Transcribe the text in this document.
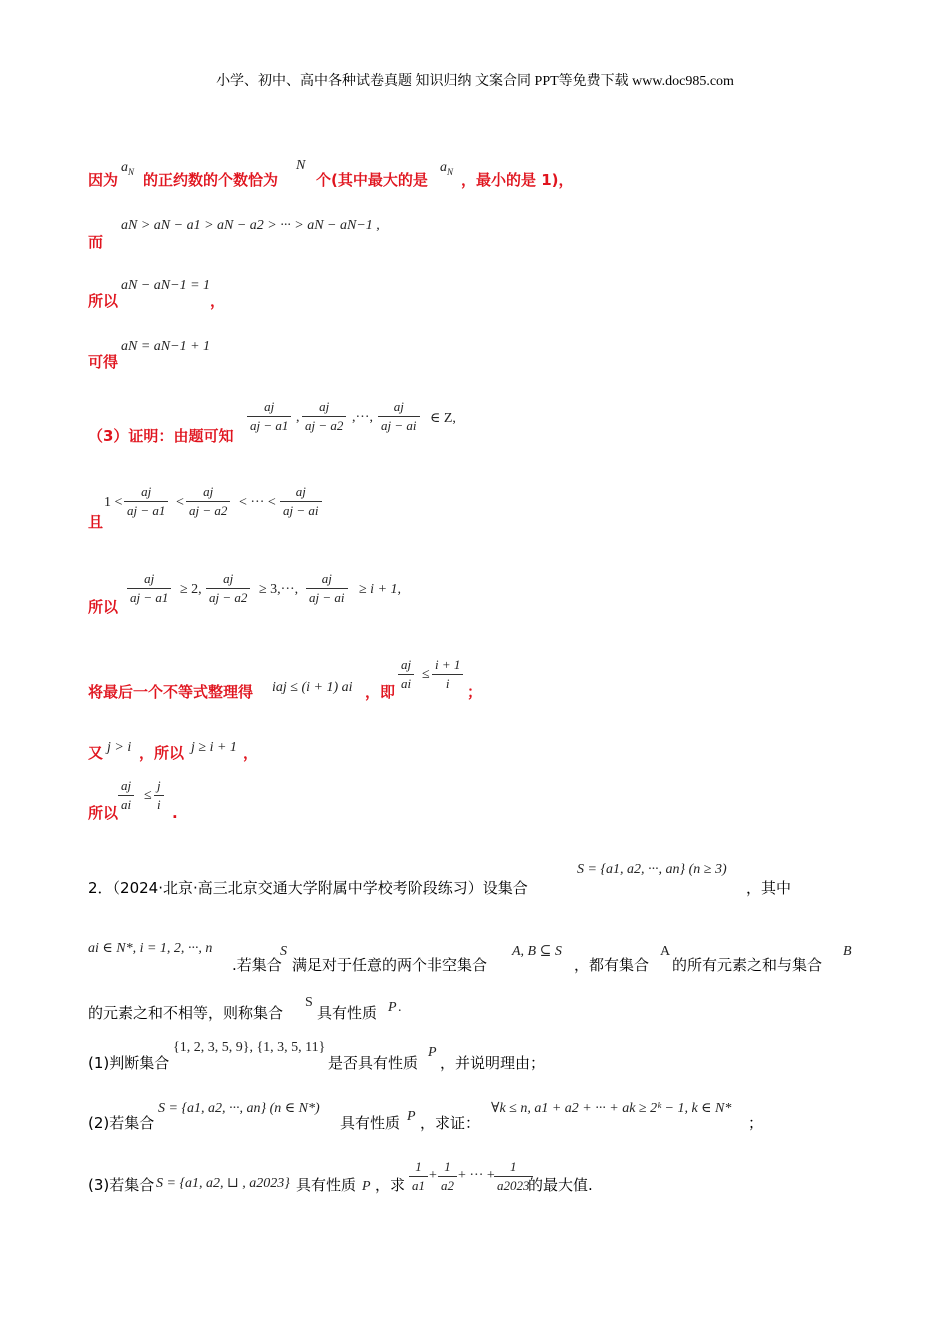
小学、初中、高中各种试卷真题 知识归纳 文案合同 PPT等免费下载 www.doc985.com
因为
$a_N$ 的正约数的个数恰为
N
个(其中最大的是
$a_N$ ，最小的是 1)，
aN > aN − a1 > aN − a2 > ··· > aN − aN−1 ,
而
所以
aN − aN−1 = 1
，
可得
aN = aN−1 + 1
（3）证明：由题可知
$\frac{aj}{aj - a1}$ , $\frac{aj}{aj - a2}$ ,···, $\frac{aj}{aj - ai}$ ∈ Z,
且
$1 < \frac{aj}{aj - a1} < \frac{aj}{aj - a2}$ < ··· < $\frac{aj}{aj - ai}$
所以 $\frac{aj}{aj - a1} \ge 2$, $\frac{aj}{aj - a2} \ge 3,\cdot\cdot\cdot$, $\frac{aj}{aj - ai} \ge i + 1$,
将最后一个不等式整理得 iaj ≤ (i + 1) ai ，即 $\frac{aj}{ai} \le \frac{i + 1}{i}$ ；
又 j > i ，所以 j ≥ i + 1 ，
所以 $\frac{aj}{ai} \le \frac{j}{i}$ .
2．（2024·北京·高三北京交通大学附属中学校考阶段练习）设集合
S = {a1, a2, ···, an} (n ≥ 3)
，其中
ai ∈ N*, i = 1, 2, ···, n
.若集合
S
满足对于任意的两个非空集合
A, B ⊆ S
，都有集合
A
的所有元素之和与集合
B
的元素之和不相等，则称集合
S
具有性质 P .
(1)判断集合
{1, 2, 3, 5, 9}, {1, 3, 5, 11}
是否具有性质
P
，并说明理由；
(2)若集合
S = {a1, a2, ···, an} (n ∈ N*)
具有性质 P ，求证：
∀k ≤ n, a1 + a2 + ··· + ak ≥ 2ᵏ − 1, k ∈ N*
；
(3)若集合 S = {a1, a2, ⊔ , a2023} 具有性质 P ，求 $\frac{1}{a1} + \frac{1}{a2}$ + ··· + $\frac{1}{a2023}$
的最大值.
